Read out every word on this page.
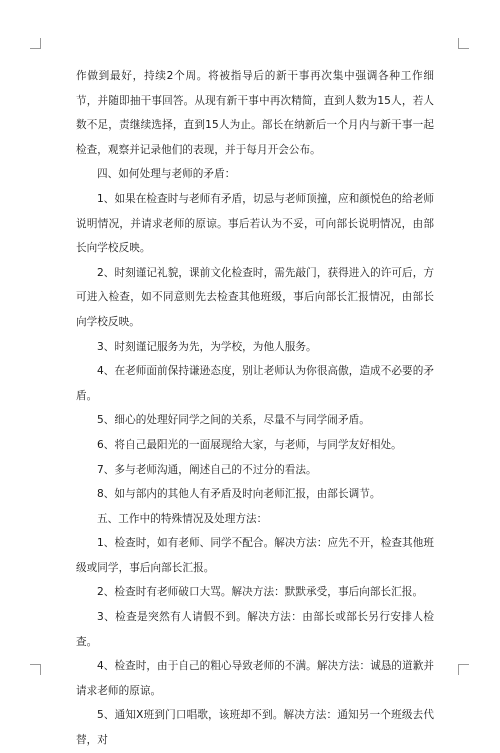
作做到最好，持续2个周。将被指导后的新干事再次集中强调各种工作细节，并随即抽干事回答。从现有新干事中再次精简，直到人数为15人，若人数不足，责继续选择，直到15人为止。部长在纳新后一个月内与新干事一起检查，观察并记录他们的表现，并于每月开会公布。

四、如何处理与老师的矛盾：

1、如果在检查时与老师有矛盾，切忌与老师顶撞，应和颜悦色的给老师说明情况，并请求老师的原谅。事后若认为不妥，可向部长说明情况，由部长向学校反映。

2、时刻谨记礼貌，课前文化检查时，需先敲门，获得进入的许可后，方可进入检查，如不同意则先去检查其他班级，事后向部长汇报情况，由部长向学校反映。

3、时刻谨记服务为先，为学校，为他人服务。

4、在老师面前保持谦逊态度，别让老师认为你很高傲，造成不必要的矛盾。

5、细心的处理好同学之间的关系，尽量不与同学闹矛盾。

6、将自己最阳光的一面展现给大家，与老师，与同学友好相处。

7、多与老师沟通，阐述自己的不过分的看法。

8、如与部内的其他人有矛盾及时向老师汇报，由部长调节。

五、工作中的特殊情况及处理方法：

1、检查时，如有老师、同学不配合。解决方法：应先不开，检查其他班级或同学，事后向部长汇报。

2、检查时有老师破口大骂。解决方法：默默承受，事后向部长汇报。

3、检查是突然有人请假不到。解决方法：由部长或部长另行安排人检查。

4、检查时，由于自己的粗心导致老师的不满。解决方法：诚恳的道歉并请求老师的原谅。

5、通知X班到门口唱歌，该班却不到。解决方法：通知另一个班级去代替，对
